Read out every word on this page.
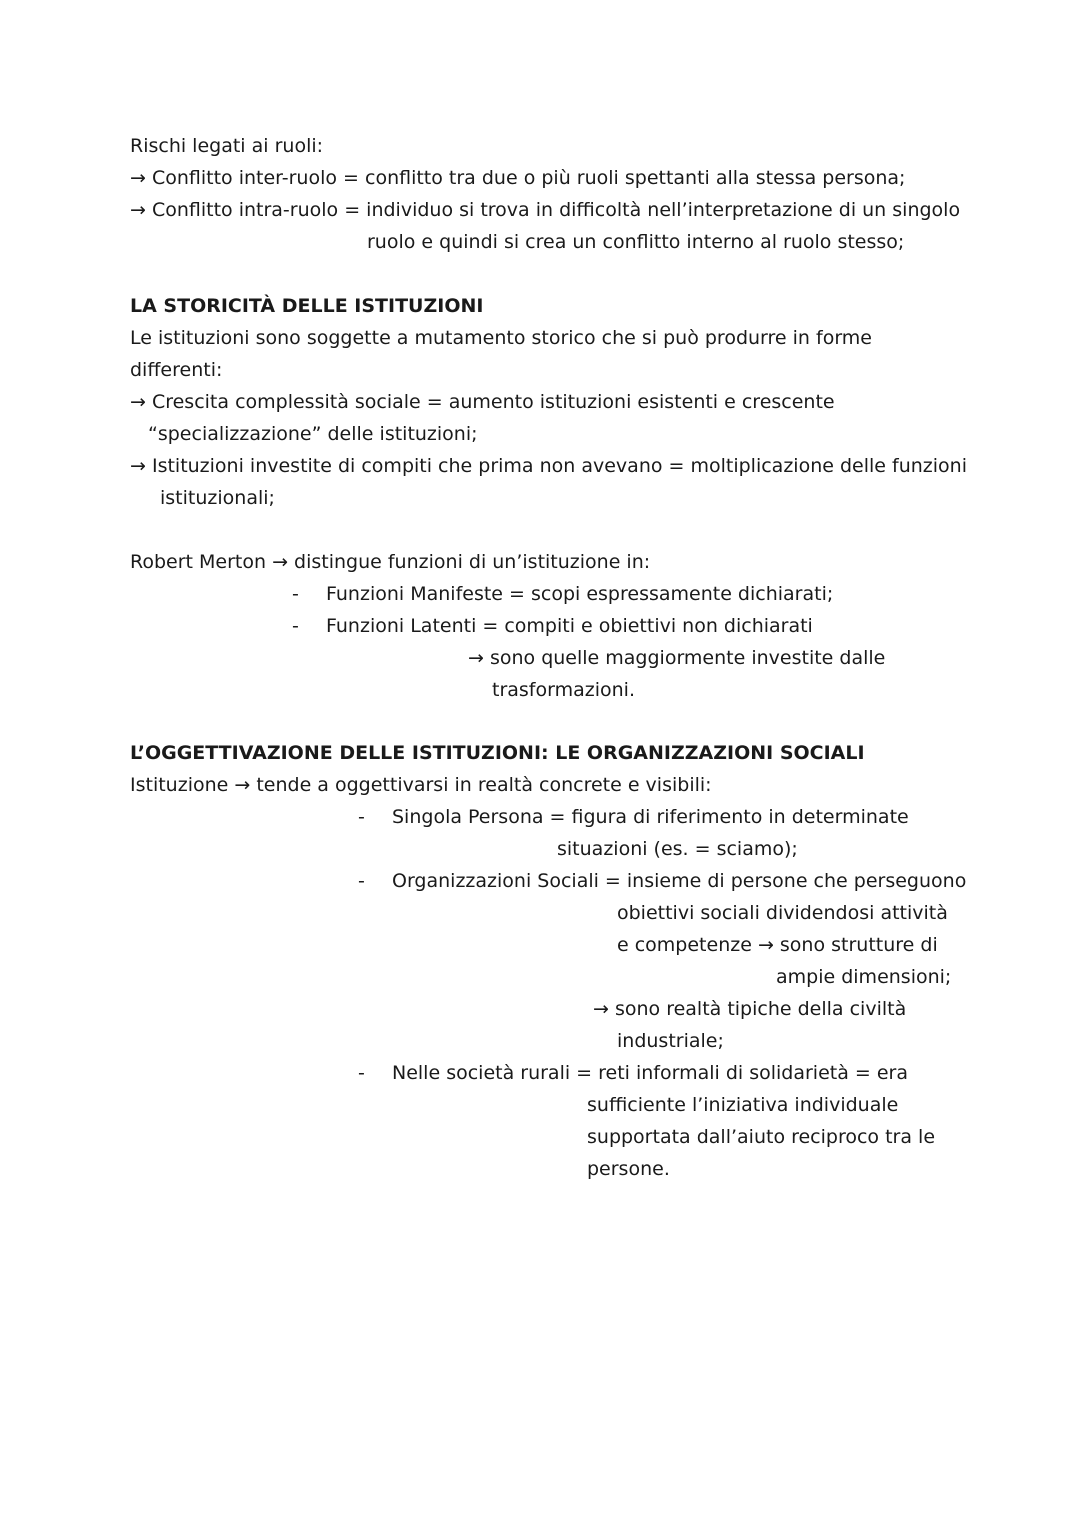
Rischi legati ai ruoli:
→ Conflitto inter-ruolo = conflitto tra due o più ruoli spettanti alla stessa persona;
→ Conflitto intra-ruolo = individuo si trova in difficoltà nell’interpretazione di un singolo
ruolo e quindi si crea un conflitto interno al ruolo stesso;
LA STORICITÀ DELLE ISTITUZIONI
Le istituzioni sono soggette a mutamento storico che si può produrre in forme
differenti:
→ Crescita complessità sociale = aumento istituzioni esistenti e crescente
“specializzazione” delle istituzioni;
→ Istituzioni investite di compiti che prima non avevano = moltiplicazione delle funzioni
istituzionali;
Robert Merton → distingue funzioni di un’istituzione in:
- Funzioni Manifeste = scopi espressamente dichiarati;
- Funzioni Latenti = compiti e obiettivi non dichiarati
→ sono quelle maggiormente investite dalle
trasformazioni.
L’OGGETTIVAZIONE DELLE ISTITUZIONI: LE ORGANIZZAZIONI SOCIALI
Istituzione → tende a oggettivarsi in realtà concrete e visibili:
- Singola Persona = figura di riferimento in determinate
situazioni (es. = sciamo);
- Organizzazioni Sociali = insieme di persone che perseguono
obiettivi sociali dividendosi attività
e competenze → sono strutture di
ampie dimensioni;
→ sono realtà tipiche della civiltà
industriale;
- Nelle società rurali = reti informali di solidarietà = era
sufficiente l’iniziativa individuale
supportata dall’aiuto reciproco tra le
persone.
